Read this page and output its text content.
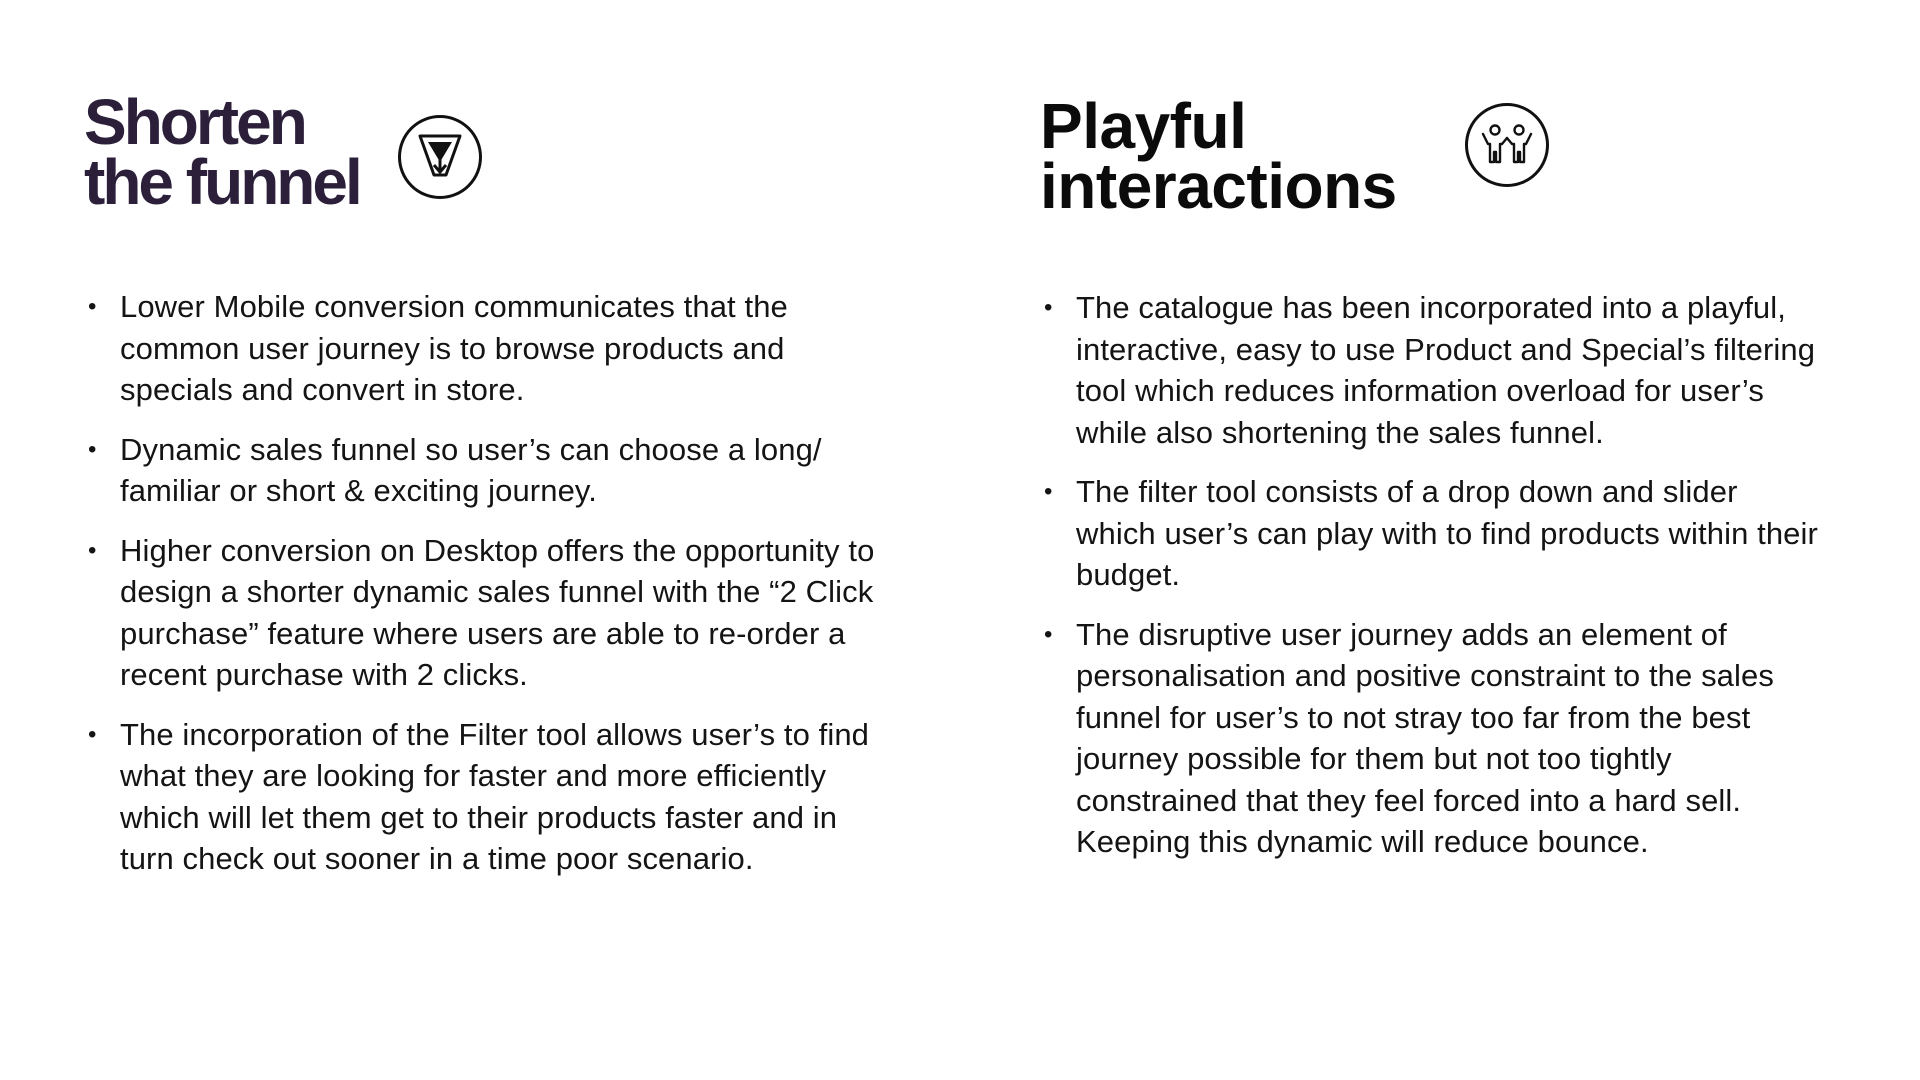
Shorten
the funnel
• Lower Mobile conversion communicates that the common user journey is to browse products and specials and convert in store.
• Dynamic sales funnel so user’s can choose a long/ familiar or short & exciting journey.
• Higher conversion on Desktop offers the opportunity to design a shorter dynamic sales funnel with the “2 Click purchase” feature where users are able to re-order a recent purchase with 2 clicks.
• The incorporation of the Filter tool allows user’s to find what they are looking for faster and more efficiently which will let them get to their products faster and in turn check out sooner in a time poor scenario.
Playful
interactions
• The catalogue has been incorporated into a playful, interactive, easy to use Product and Special’s filtering tool which reduces information overload for user’s while also shortening the sales funnel.
• The filter tool consists of a drop down and slider which user’s can play with to find products within their budget.
• The disruptive user journey adds an element of personalisation and positive constraint to the sales funnel for user’s to not stray too far from the best journey possible for them but not too tightly constrained that they feel forced into a hard sell. Keeping this dynamic will reduce bounce.
